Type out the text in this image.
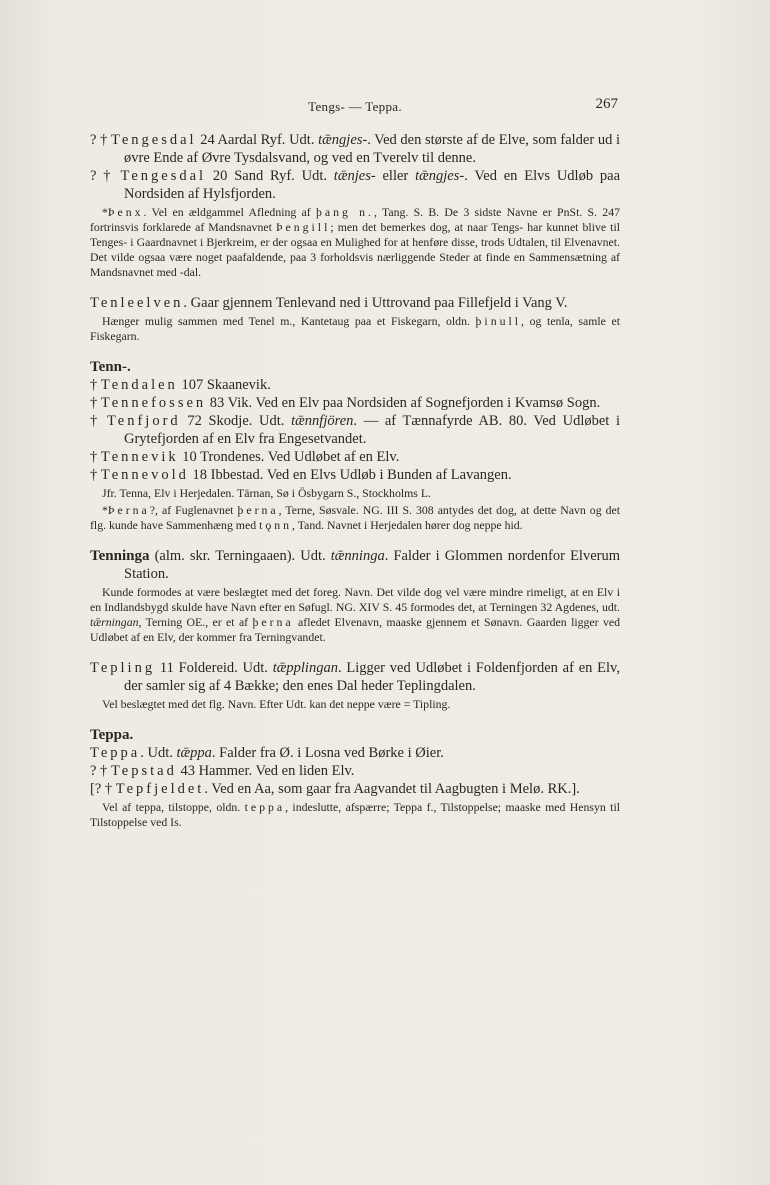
Tengs- — Teppa.	267

? † Tengesdal 24 Aardal Ryf. Udt. tǣngjes-. Ved den største af de Elve, som falder ud i øvre Ende af Øvre Tysdalsvand, og ved en Tverelv til denne.

? † Tengesdal 20 Sand Ryf. Udt. tǣnjes- eller tǣngjes-. Ved en Elvs Udløb paa Nordsiden af Hylsfjorden.

*Þenx. Vel en ældgammel Afledning af þang n., Tang. S. B. De 3 sidste Navne er PnSt. S. 247 fortrinsvis forklarede af Mandsnavnet Þengill; men det bemerkes dog, at naar Tengs- har kunnet blive til Tenges- i Gaardnavnet i Bjerkreim, er der ogsaa en Mulighed for at henføre disse, trods Udtalen, til Elvenavnet. Det vilde ogsaa være noget paafaldende, paa 3 forholdsvis nærliggende Steder at finde en Sammensætning af Mandsnavnet med -dal.

Tenleelven. Gaar gjennem Tenlevand ned i Uttrovand paa Fillefjeld i Vang V.

Hænger mulig sammen med Tenel m., Kantetaug paa et Fiskegarn, oldn. þinull, og tenla, samle et Fiskegarn.

Tenn-.

† Tendalen 107 Skaanevik.

† Tennefossen 83 Vik. Ved en Elv paa Nordsiden af Sognefjorden i Kvamsø Sogn.

† Tenfjord 72 Skodje. Udt. tǣnnfjören. — af Tænnafyrde AB. 80. Ved Udløbet i Grytefjorden af en Elv fra Engesetvandet.

† Tennevik 10 Trondenes. Ved Udløbet af en Elv.

† Tennevold 18 Ibbestad. Ved en Elvs Udløb i Bunden af Lavangen.

Jfr. Tenna, Elv i Herjedalen. Tärnan, Sø i Ösbygarn S., Stockholms L.

*Þerna?, af Fuglenavnet þerna, Terne, Søsvale. NG. III S. 308 antydes det dog, at dette Navn og det flg. kunde have Sammenhæng med tǫnn, Tand. Navnet i Herjedalen hører dog neppe hid.

Tenninga (alm. skr. Terningaaen). Udt. tǣnninga. Falder i Glommen nordenfor Elverum Station.

Kunde formodes at være beslægtet med det foreg. Navn. Det vilde dog vel være mindre rimeligt, at en Elv i en Indlandsbygd skulde have Navn efter en Søfugl. NG. XIV S. 45 formodes det, at Terningen 32 Agdenes, udt. tǣrningan, Terning OE., er et af þerna afledet Elvenavn, maaske gjennem et Sønavn. Gaarden ligger ved Udløbet af en Elv, der kommer fra Terningvandet.

Tepling 11 Foldereid. Udt. tǣpplingan. Ligger ved Udløbet i Foldenfjorden af en Elv, der samler sig af 4 Bække; den enes Dal heder Teplingdalen.

Vel beslægtet med det flg. Navn. Efter Udt. kan det neppe være = Tipling.

Teppa.

Teppa. Udt. tǣppa. Falder fra Ø. i Losna ved Børke i Øier.

? † Tepstad 43 Hammer. Ved en liden Elv.

[? † Tepfjeldet. Ved en Aa, som gaar fra Aagvandet til Aagbugten i Melø. RK.].

Vel af teppa, tilstoppe, oldn. teppa, indeslutte, afspærre; Teppa f., Tilstoppelse; maaske med Hensyn til Tilstoppelse ved Is.
